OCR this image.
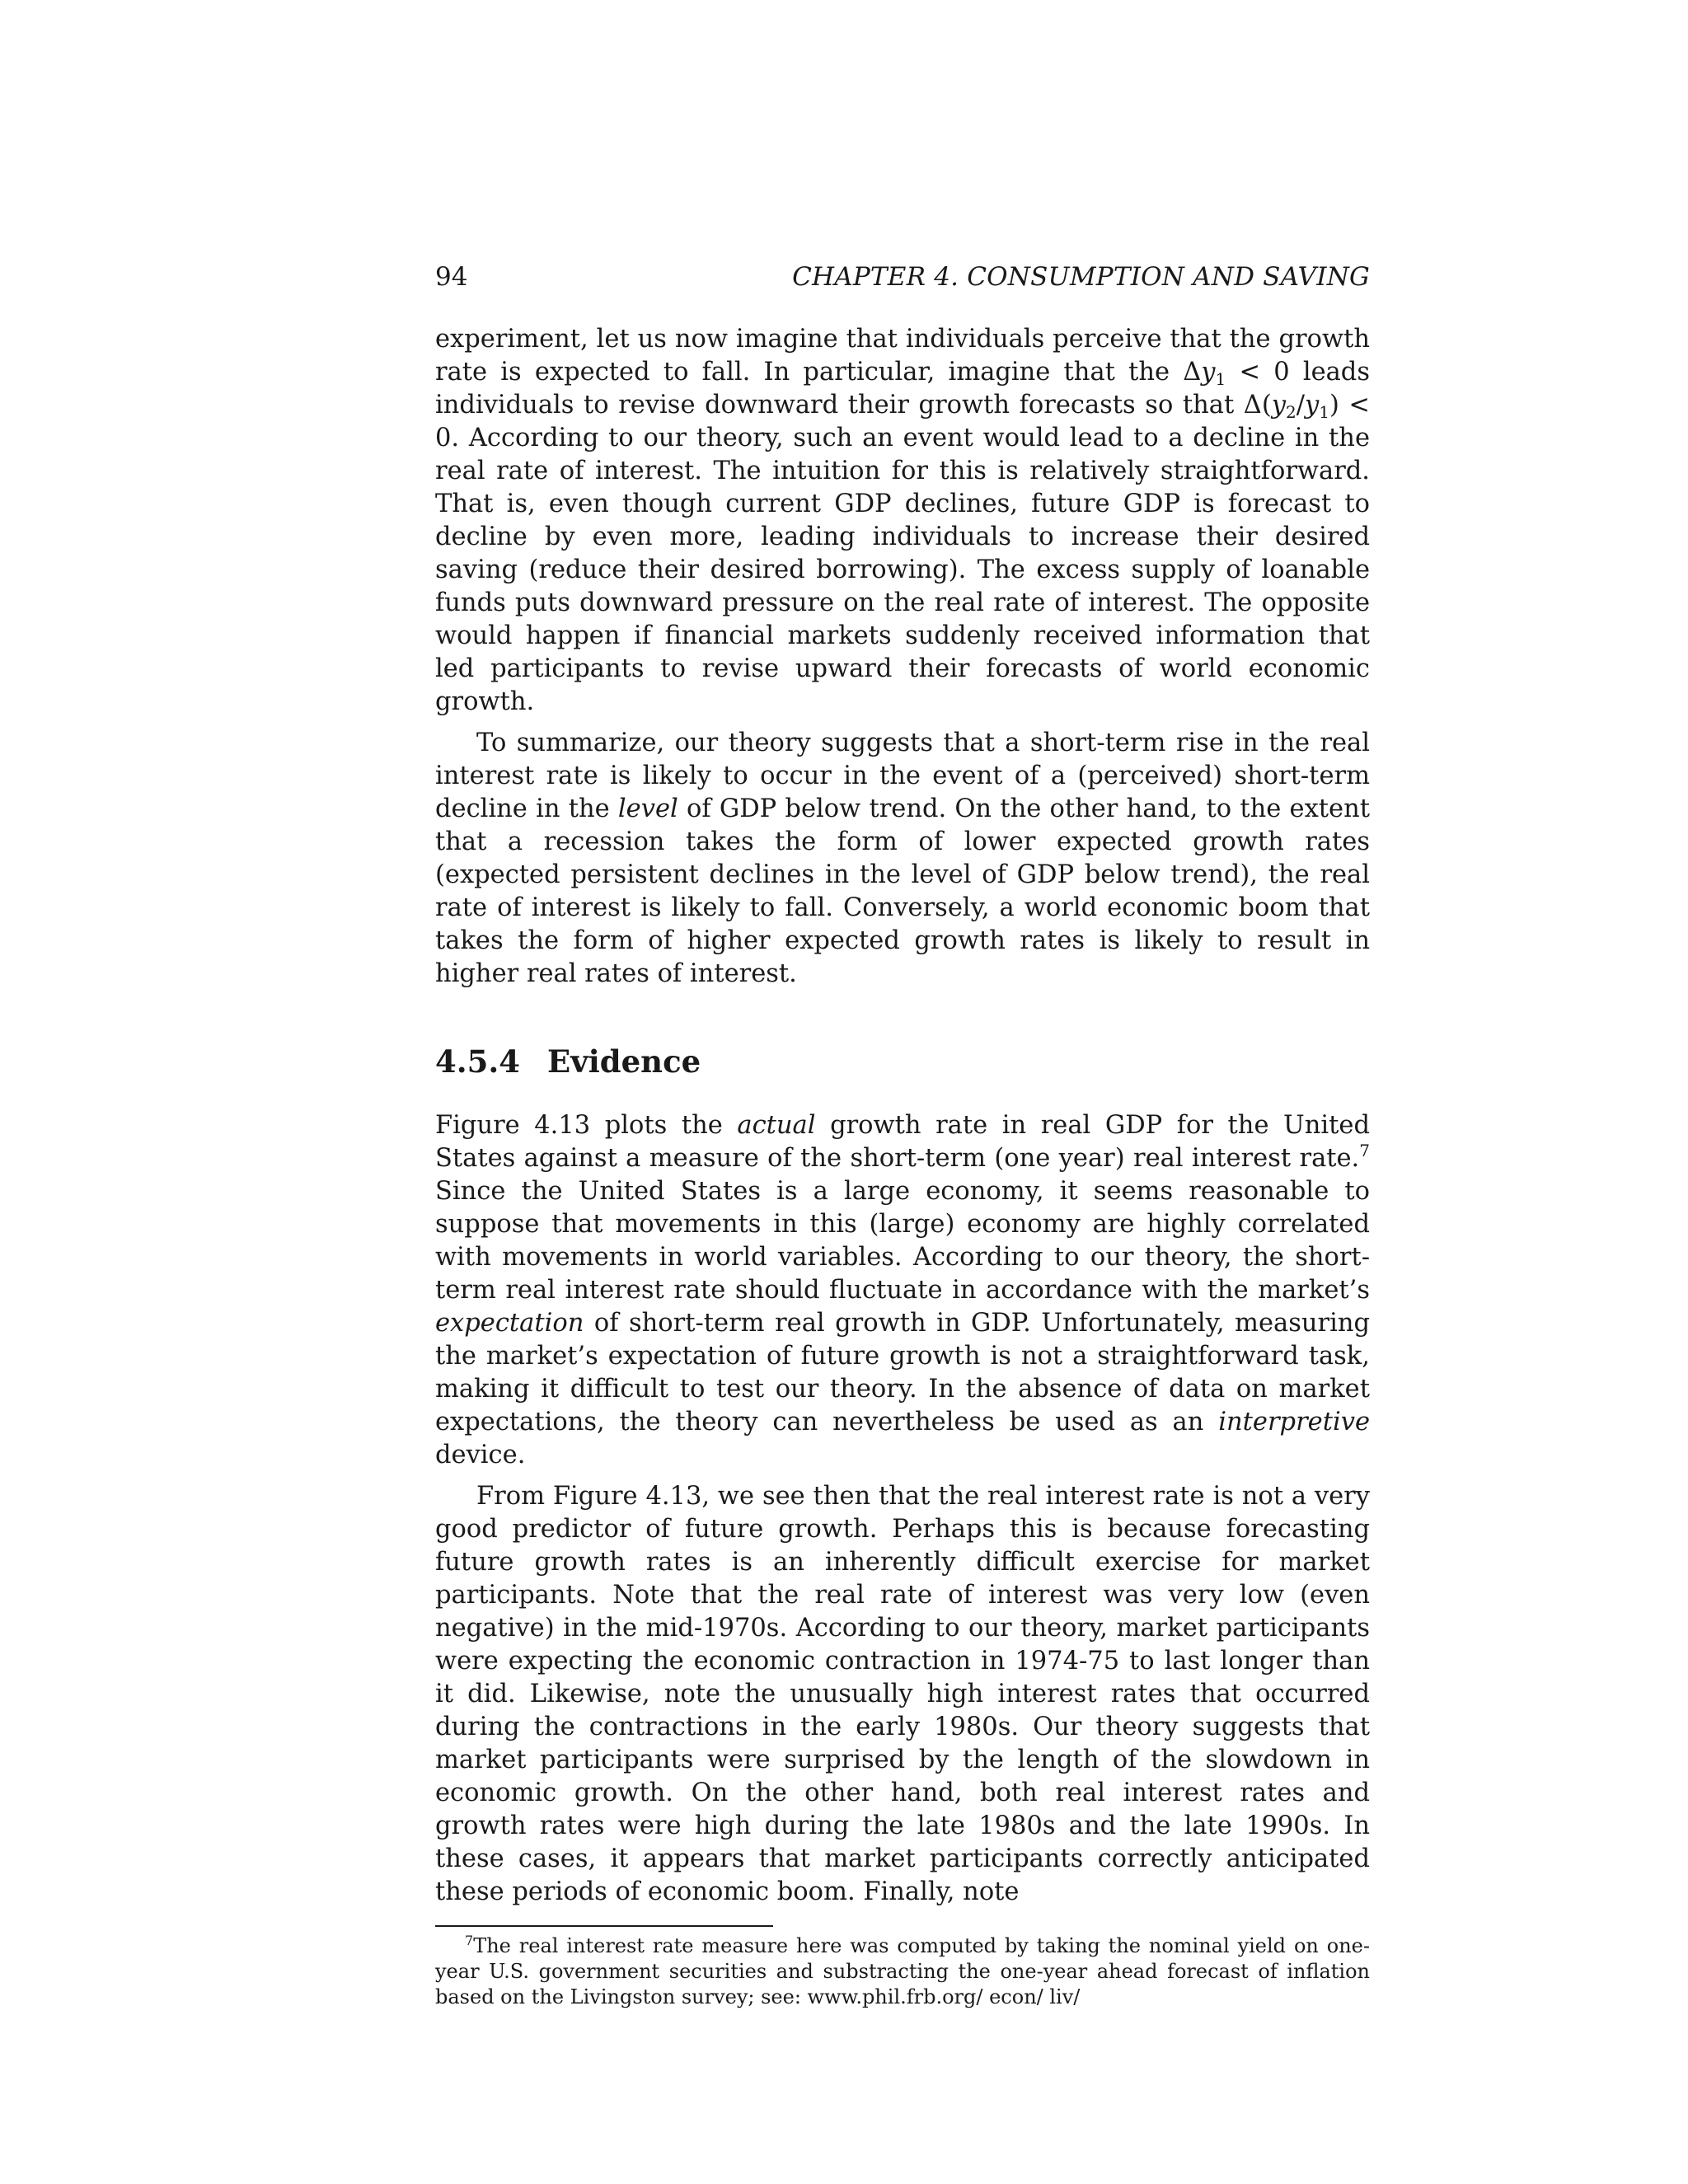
94	CHAPTER 4. CONSUMPTION AND SAVING

experiment, let us now imagine that individuals perceive that the growth rate is expected to fall. In particular, imagine that the $\Delta y_1 < 0$ leads individuals to revise downward their growth forecasts so that $\Delta(y_2/y_1) < 0$. According to our theory, such an event would lead to a decline in the real rate of interest. The intuition for this is relatively straightforward. That is, even though current GDP declines, future GDP is forecast to decline by even more, leading individuals to increase their desired saving (reduce their desired borrowing). The excess supply of loanable funds puts downward pressure on the real rate of interest. The opposite would happen if financial markets suddenly received information that led participants to revise upward their forecasts of world economic growth.

To summarize, our theory suggests that a short-term rise in the real interest rate is likely to occur in the event of a (perceived) short-term decline in the level of GDP below trend. On the other hand, to the extent that a recession takes the form of lower expected growth rates (expected persistent declines in the level of GDP below trend), the real rate of interest is likely to fall. Conversely, a world economic boom that takes the form of higher expected growth rates is likely to result in higher real rates of interest.

4.5.4 Evidence

Figure 4.13 plots the actual growth rate in real GDP for the United States against a measure of the short-term (one year) real interest rate.$^7$ Since the United States is a large economy, it seems reasonable to suppose that movements in this (large) economy are highly correlated with movements in world variables. According to our theory, the short-term real interest rate should fluctuate in accordance with the market’s expectation of short-term real growth in GDP. Unfortunately, measuring the market’s expectation of future growth is not a straightforward task, making it difficult to test our theory. In the absence of data on market expectations, the theory can nevertheless be used as an interpretive device.

From Figure 4.13, we see then that the real interest rate is not a very good predictor of future growth. Perhaps this is because forecasting future growth rates is an inherently difficult exercise for market participants. Note that the real rate of interest was very low (even negative) in the mid-1970s. According to our theory, market participants were expecting the economic contraction in 1974-75 to last longer than it did. Likewise, note the unusually high interest rates that occurred during the contractions in the early 1980s. Our theory suggests that market participants were surprised by the length of the slowdown in economic growth. On the other hand, both real interest rates and growth rates were high during the late 1980s and the late 1990s. In these cases, it appears that market participants correctly anticipated these periods of economic boom. Finally, note

$^7$The real interest rate measure here was computed by taking the nominal yield on one-year U.S. government securities and substracting the one-year ahead forecast of inflation based on the Livingston survey; see: www.phil.frb.org/ econ/ liv/
